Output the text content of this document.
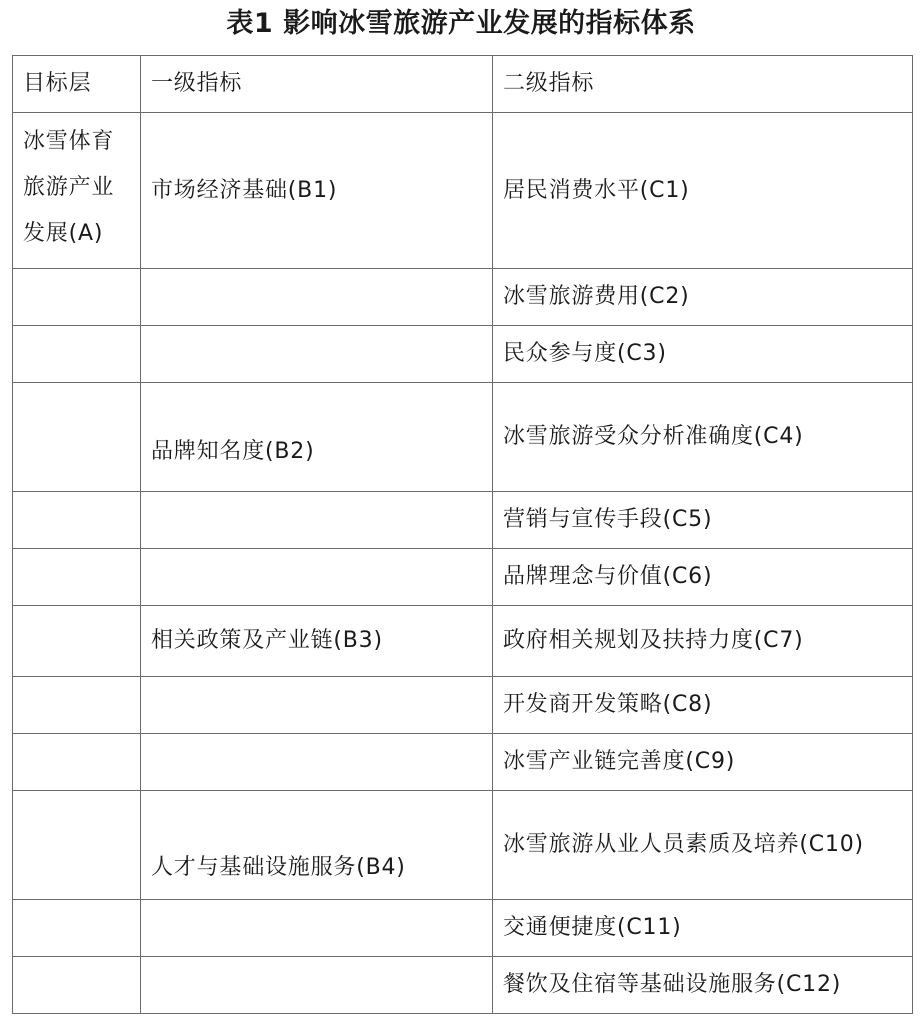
表1 影响冰雪旅游产业发展的指标体系
目标层	一级指标	二级指标
冰雪体育旅游产业发展(A)	市场经济基础(B1)	居民消费水平(C1)
		冰雪旅游费用(C2)
		民众参与度(C3)
	品牌知名度(B2)	冰雪旅游受众分析准确度(C4)
		营销与宣传手段(C5)
		品牌理念与价值(C6)
	相关政策及产业链(B3)	政府相关规划及扶持力度(C7)
		开发商开发策略(C8)
		冰雪产业链完善度(C9)
	人才与基础设施服务(B4)	冰雪旅游从业人员素质及培养(C10)
		交通便捷度(C11)
		餐饮及住宿等基础设施服务(C12)
